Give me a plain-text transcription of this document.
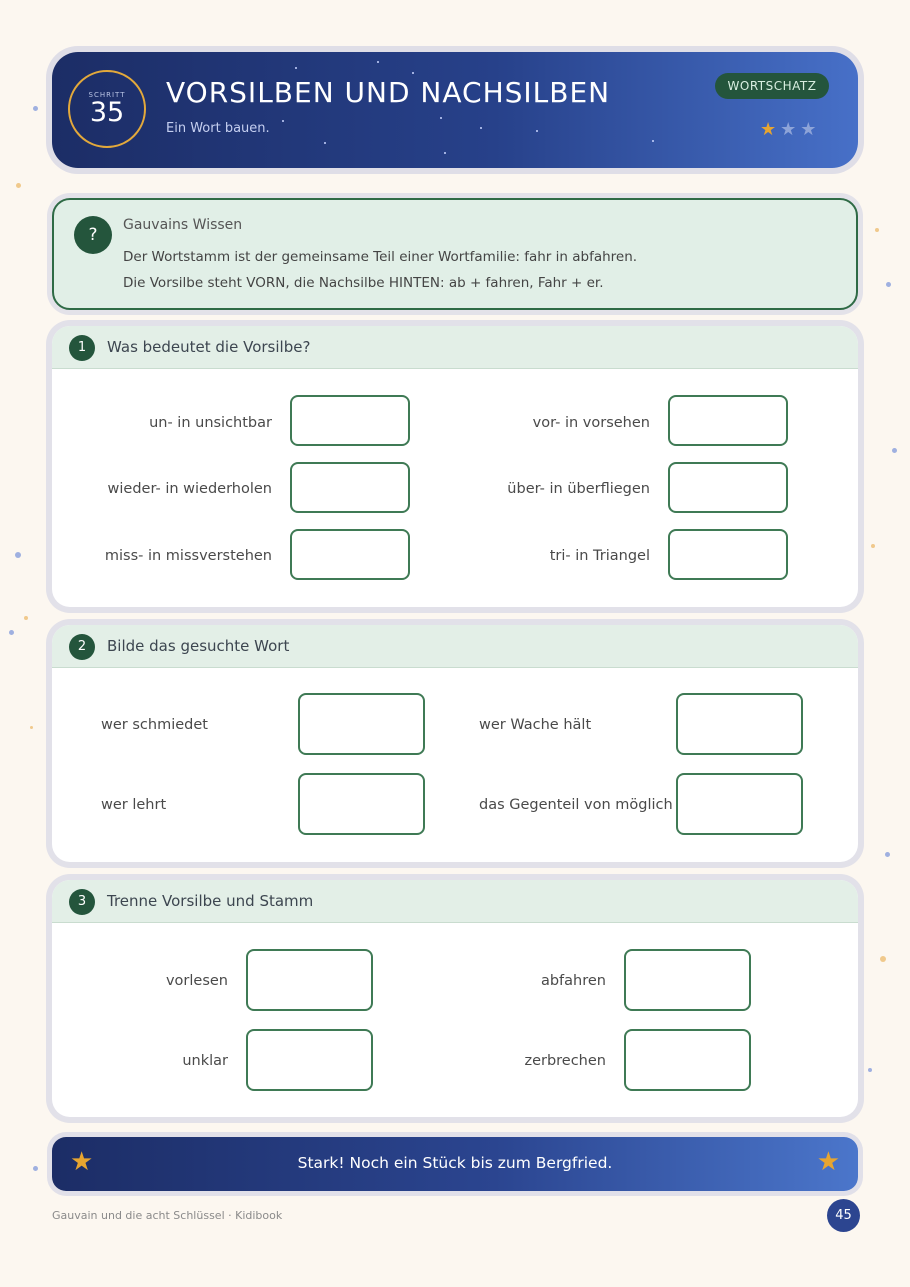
SCHRITT
35
VORSILBEN UND NACHSILBEN
Ein Wort bauen.
WORTSCHATZ
★ ★ ★
?	Gauvains Wissen
Der Wortstamm ist der gemeinsame Teil einer Wortfamilie: fahr in abfahren.
Die Vorsilbe steht VORN, die Nachsilbe HINTEN: ab + fahren, Fahr + er.
1	Was bedeutet die Vorsilbe?
un- in unsichtbar	vor- in vorsehen
wieder- in wiederholen	über- in überfliegen
miss- in missverstehen	tri- in Triangel
2	Bilde das gesuchte Wort
wer schmiedet	wer Wache hält
wer lehrt	das Gegenteil von möglich
3	Trenne Vorsilbe und Stamm
vorlesen	abfahren
unklar	zerbrechen
★	Stark! Noch ein Stück bis zum Bergfried.	★
Gauvain und die acht Schlüssel · Kidibook	45
